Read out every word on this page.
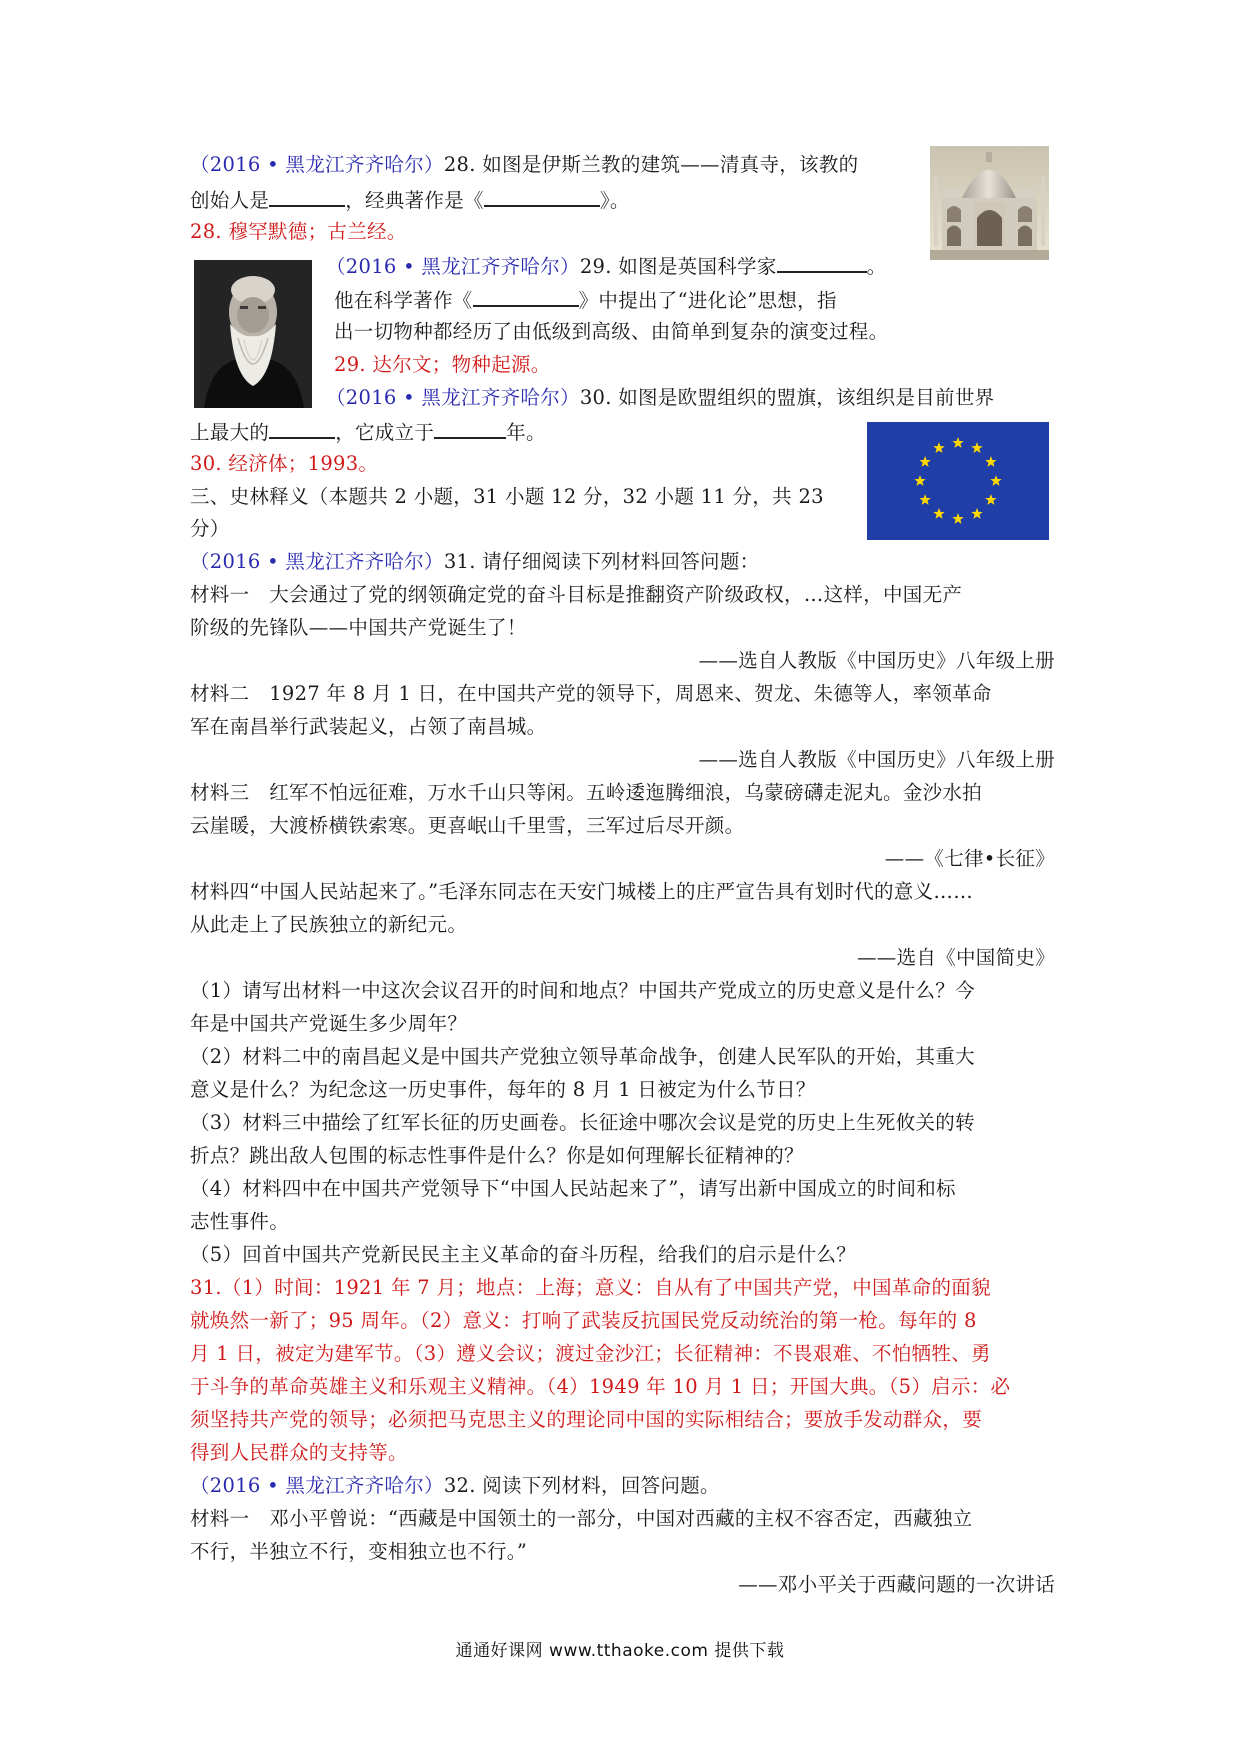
（2016 • 黑龙江齐齐哈尔）28. 如图是伊斯兰教的建筑——清真寺，该教的
创始人是	，经典著作是《	》。
28. 穆罕默德；古兰经。
（2016 • 黑龙江齐齐哈尔）29. 如图是英国科学家	。
他在科学著作《	》中提出了“进化论”思想，指
出一切物种都经历了由低级到高级、由简单到复杂的演变过程。
29. 达尔文；物种起源。
（2016 • 黑龙江齐齐哈尔）30. 如图是欧盟组织的盟旗，该组织是目前世界
上最大的	，它成立于	年。
30. 经济体；1993。
三、史林释义（本题共 2 小题，31 小题 12 分，32 小题 11 分，共 23
分）
（2016 • 黑龙江齐齐哈尔）31. 请仔细阅读下列材料回答问题：
材料一　大会通过了党的纲领确定党的奋斗目标是推翻资产阶级政权，…这样，中国无产
阶级的先锋队——中国共产党诞生了！
——选自人教版《中国历史》八年级上册
材料二　1927 年 8 月 1 日，在中国共产党的领导下，周恩来、贺龙、朱德等人，率领革命
军在南昌举行武装起义，占领了南昌城。
——选自人教版《中国历史》八年级上册
材料三　红军不怕远征难，万水千山只等闲。五岭逶迤腾细浪，乌蒙磅礴走泥丸。金沙水拍
云崖暖，大渡桥横铁索寒。更喜岷山千里雪，三军过后尽开颜。
——《七律•长征》
材料四“中国人民站起来了。”毛泽东同志在天安门城楼上的庄严宣告具有划时代的意义……
从此走上了民族独立的新纪元。
——选自《中国简史》
（1）请写出材料一中这次会议召开的时间和地点？中国共产党成立的历史意义是什么？今
年是中国共产党诞生多少周年？
（2）材料二中的南昌起义是中国共产党独立领导革命战争，创建人民军队的开始，其重大
意义是什么？为纪念这一历史事件，每年的 8 月 1 日被定为什么节日？
（3）材料三中描绘了红军长征的历史画卷。长征途中哪次会议是党的历史上生死攸关的转
折点？跳出敌人包围的标志性事件是什么？你是如何理解长征精神的？
（4）材料四中在中国共产党领导下“中国人民站起来了”，请写出新中国成立的时间和标
志性事件。
（5）回首中国共产党新民民主主义革命的奋斗历程，给我们的启示是什么？
31.（1）时间：1921 年 7 月；地点：上海；意义：自从有了中国共产党，中国革命的面貌
就焕然一新了；95 周年。（2）意义：打响了武装反抗国民党反动统治的第一枪。每年的 8
月 1 日，被定为建军节。（3）遵义会议；渡过金沙江；长征精神：不畏艰难、不怕牺牲、勇
于斗争的革命英雄主义和乐观主义精神。（4）1949 年 10 月 1 日；开国大典。（5）启示：必
须坚持共产党的领导；必须把马克思主义的理论同中国的实际相结合；要放手发动群众，要
得到人民群众的支持等。
（2016 • 黑龙江齐齐哈尔）32. 阅读下列材料，回答问题。
材料一　邓小平曾说：“西藏是中国领土的一部分，中国对西藏的主权不容否定，西藏独立
不行，半独立不行，变相独立也不行。”
——邓小平关于西藏问题的一次讲话
通通好课网 www.tthaoke.com 提供下载
